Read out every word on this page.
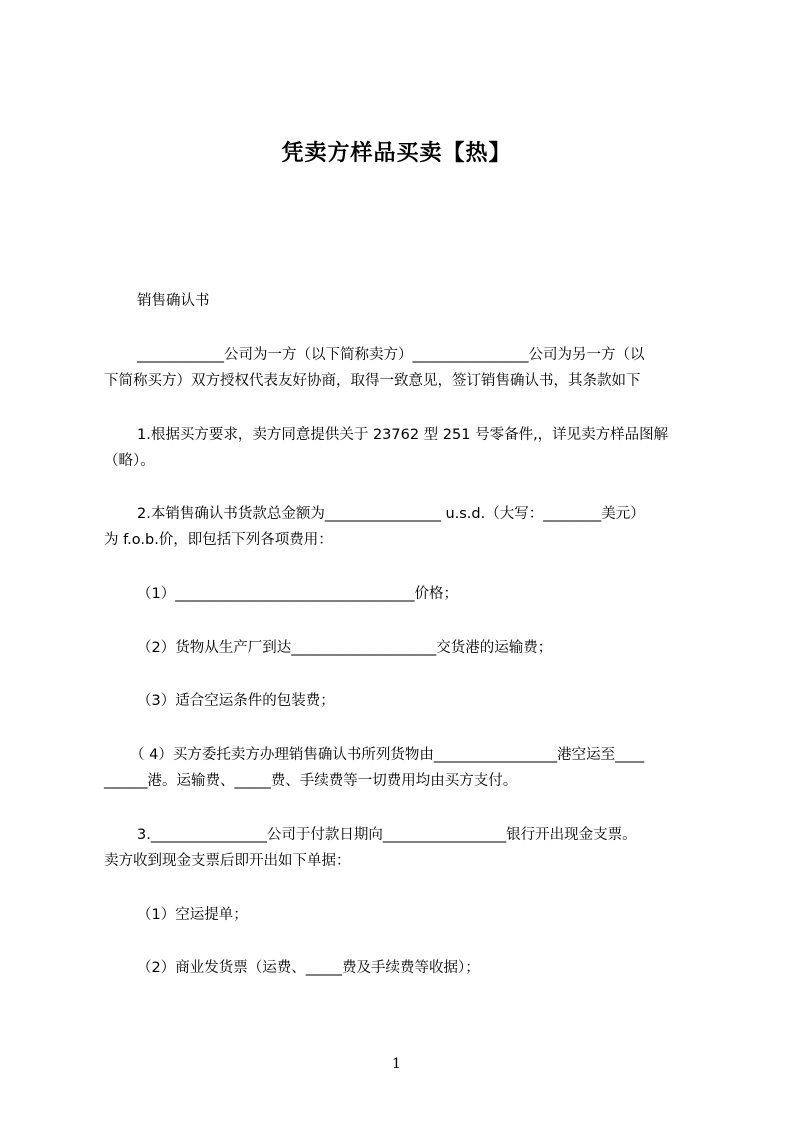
凭卖方样品买卖【热】
销售确认书
____________公司为一方（以下简称卖方）________________公司为另一方（以
下简称买方）双方授权代表友好协商，取得一致意见，签订销售确认书，其条款如下
1.根据买方要求，卖方同意提供关于 23762 型 251 号零备件,，详见卖方样品图解
（略）。
2.本销售确认书货款总金额为________________ u.s.d.（大写：________美元）
为 f.o.b.价，即包括下列各项费用：
（1）_________________________________价格；
（2）货物从生产厂到达____________________交货港的运输费；
（3）适合空运条件的包装费；
（ 4）买方委托卖方办理销售确认书所列货物由_________________港空运至____
______港。运输费、_____费、手续费等一切费用均由买方支付。
3.________________公司于付款日期向_________________银行开出现金支票。
卖方收到现金支票后即开出如下单据：
（1）空运提单；
（2）商业发货票（运费、_____费及手续费等收据）；
1
